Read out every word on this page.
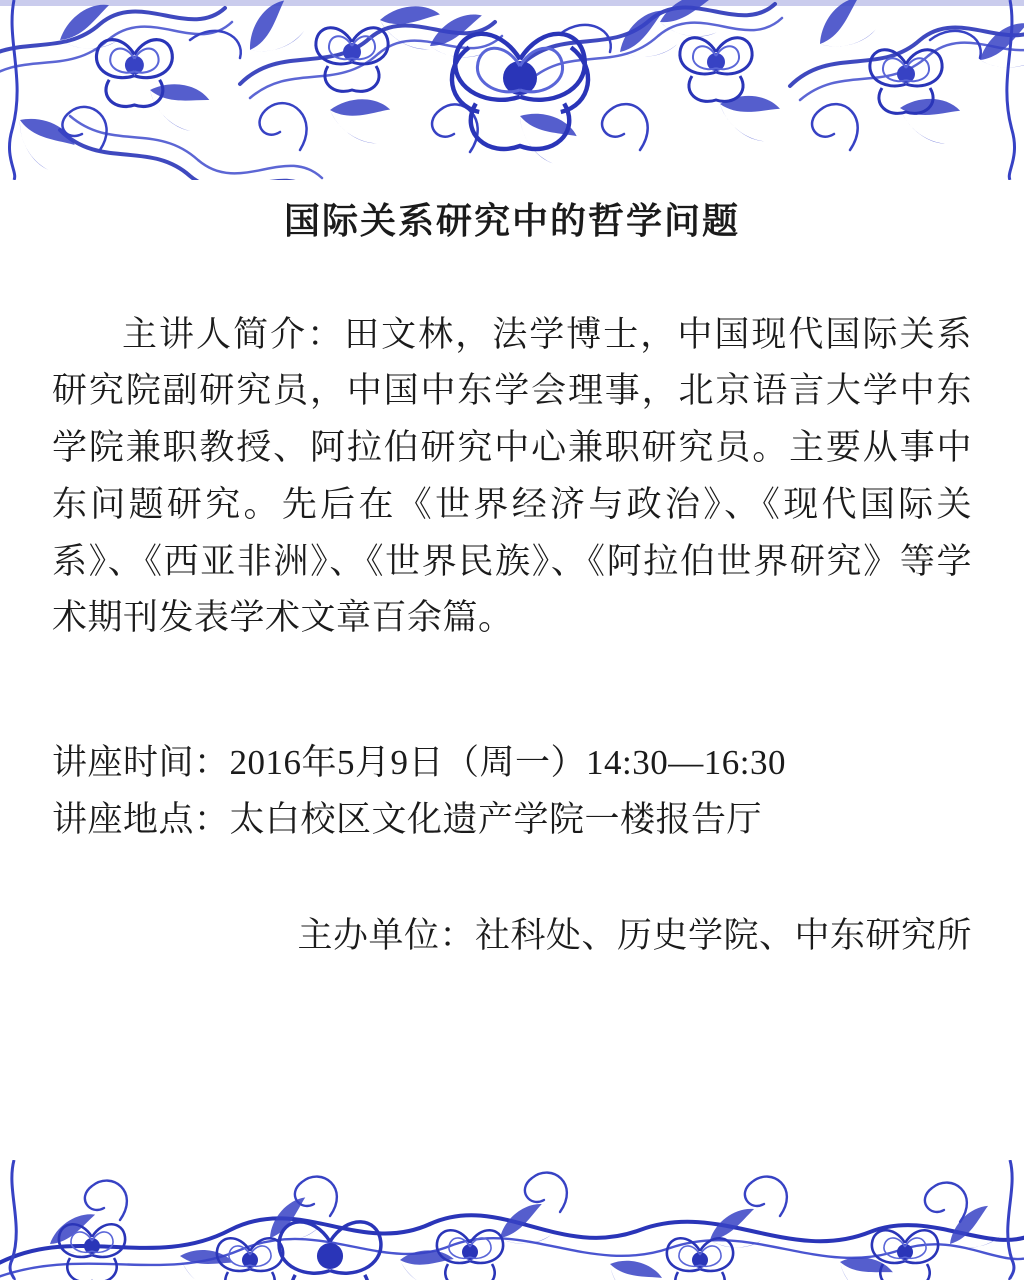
国际关系研究中的哲学问题

主讲人简介：田文林，法学博士，中国现代国际关系研究院副研究员，中国中东学会理事，北京语言大学中东学院兼职教授、阿拉伯研究中心兼职研究员。主要从事中东问题研究。先后在《世界经济与政治》、《现代国际关系》、《西亚非洲》、《世界民族》、《阿拉伯世界研究》等学术期刊发表学术文章百余篇。

讲座时间：2016年5月9日（周一）14:30—16:30
讲座地点：太白校区文化遗产学院一楼报告厅
主办单位：社科处、历史学院、中东研究所
